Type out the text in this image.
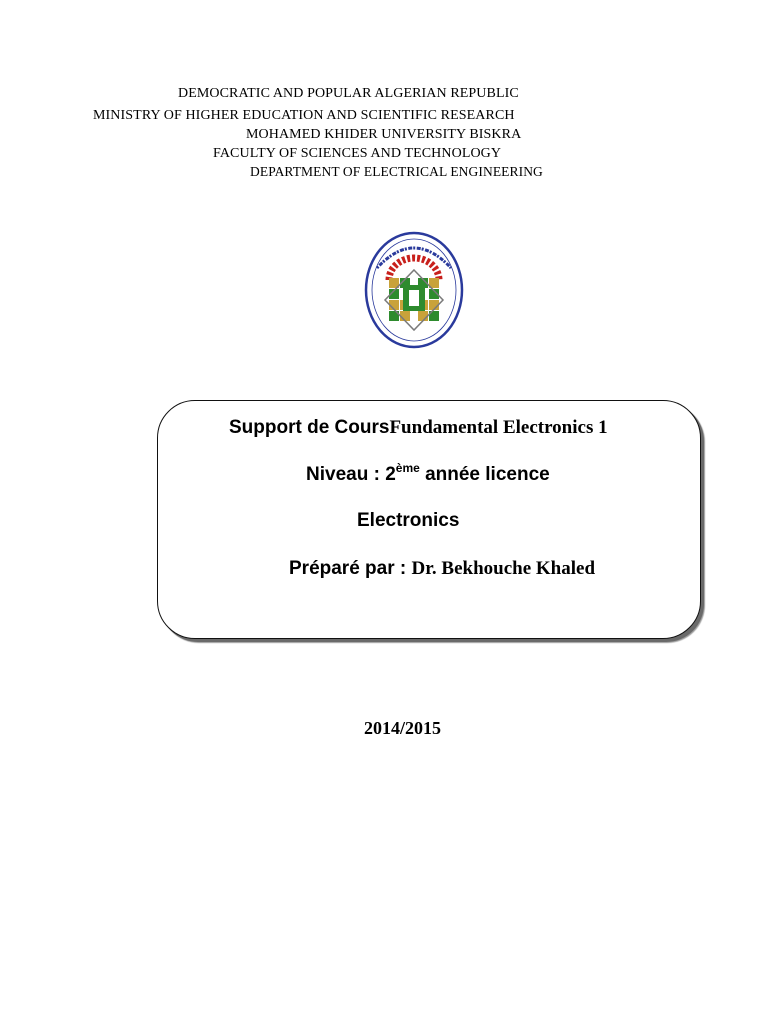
DEMOCRATIC AND POPULAR ALGERIAN REPUBLIC
MINISTRY OF HIGHER EDUCATION AND SCIENTIFIC RESEARCH
MOHAMED KHIDER UNIVERSITY BISKRA
FACULTY OF SCIENCES AND TECHNOLOGY
DEPARTMENT OF ELECTRICAL ENGINEERING
Support de CoursFundamental Electronics 1
Niveau : 2ème année licence
Electronics
Préparé par : Dr. Bekhouche Khaled
2014/2015
